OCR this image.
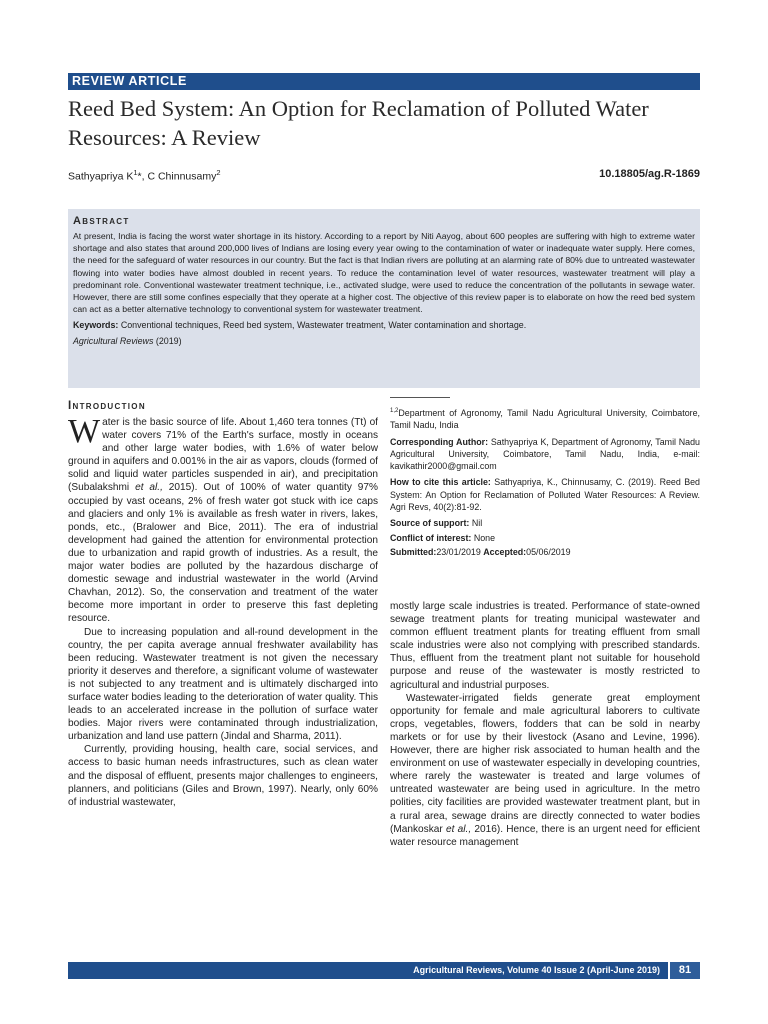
REVIEW ARTICLE
Reed Bed System: An Option for Reclamation of Polluted Water
Resources: A Review
Sathyapriya $K^1*$, C Chinnusamy$^2$	10.18805/ag.R-1869
Abstract
At present, India is facing the worst water shortage in its history. According to a report by Niti Aayog, about 600 peoples are suffering with high to extreme water shortage and also states that around 200,000 lives of Indians are losing every year owing to the contamination of water or inadequate water supply. Here comes, the need for the safeguard of water resources in our country. But the fact is that Indian rivers are polluting at an alarming rate of 80% due to untreated wastewater flowing into water bodies have almost doubled in recent years. To reduce the contamination level of water resources, wastewater treatment will play a predominant role. Conventional wastewater treatment technique, i.e., activated sludge, were used to reduce the concentration of the pollutants in sewage water. However, there are still some confines especially that they operate at a higher cost. The objective of this review paper is to elaborate on how the reed bed system can act as a better alternative technology to conventional system for wastewater treatment.
Keywords: Conventional techniques, Reed bed system, Wastewater treatment, Water contamination and shortage.
Agricultural Reviews (2019)
Introduction

Water is the basic source of life. About 1,460 tera tonnes (Tt) of water covers 71% of the Earth's surface, mostly in oceans and other large water bodies, with 1.6% of water below ground in aquifers and 0.001% in the air as vapors, clouds (formed of solid and liquid water particles suspended in air), and precipitation (Subalakshmi et al., 2015). Out of 100% of water quantity 97% occupied by vast oceans, 2% of fresh water got stuck with ice caps and glaciers and only 1% is available as fresh water in rivers, lakes, ponds, etc., (Bralower and Bice, 2011). The era of industrial development had gained the attention for environmental protection due to urbanization and rapid growth of industries. As a result, the major water bodies are polluted by the hazardous discharge of domestic sewage and industrial wastewater in the world (Arvind Chavhan, 2012). So, the conservation and treatment of the water become more important in order to preserve this fast depleting resource.

Due to increasing population and all-round development in the country, the per capita average annual freshwater availability has been reducing. Wastewater treatment is not given the necessary priority it deserves and therefore, a significant volume of wastewater is not subjected to any treatment and is ultimately discharged into surface water bodies leading to the deterioration of water quality. This leads to an accelerated increase in the pollution of surface water bodies. Major rivers were contaminated through industrialization, urbanization and land use pattern (Jindal and Sharma, 2011).

Currently, providing housing, health care, social services, and access to basic human needs infrastructures, such as clean water and the disposal of effluent, presents major challenges to engineers, planners, and politicians (Giles and Brown, 1997). Nearly, only 60% of industrial wastewater,

$^{1,2}$Department of Agronomy, Tamil Nadu Agricultural University, Coimbatore, Tamil Nadu, India

Corresponding Author: Sathyapriya K, Department of Agronomy, Tamil Nadu Agricultural University, Coimbatore, Tamil Nadu, India, e-mail: kavikathir2000@gmail.com

How to cite this article: Sathyapriya, K., Chinnusamy, C. (2019). Reed Bed System: An Option for Reclamation of Polluted Water Resources: A Review. Agri Revs, 40(2):81-92.

Source of support: Nil

Conflict of interest: None

Submitted:23/01/2019 Accepted:05/06/2019

mostly large scale industries is treated. Performance of state-owned sewage treatment plants for treating municipal wastewater and common effluent treatment plants for treating effluent from small scale industries were also not complying with prescribed standards. Thus, effluent from the treatment plant not suitable for household purpose and reuse of the wastewater is mostly restricted to agricultural and industrial purposes.

Wastewater-irrigated fields generate great employment opportunity for female and male agricultural laborers to cultivate crops, vegetables, flowers, fodders that can be sold in nearby markets or for use by their livestock (Asano and Levine, 1996). However, there are higher risk associated to human health and the environment on use of wastewater especially in developing countries, where rarely the wastewater is treated and large volumes of untreated wastewater are being used in agriculture. In the metro polities, city facilities are provided wastewater treatment plant, but in a rural area, sewage drains are directly connected to water bodies (Mankoskar et al., 2016). Hence, there is an urgent need for efficient water resource management

Agricultural Reviews, Volume 40 Issue 2 (April-June 2019)	81
